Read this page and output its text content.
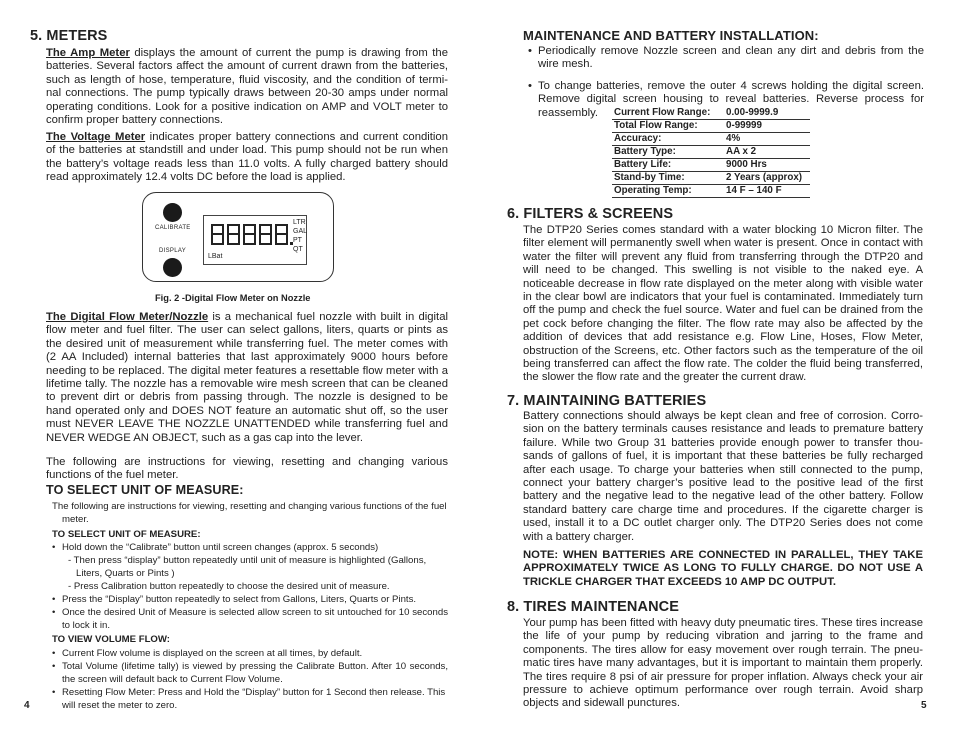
5. METERS

The Amp Meter displays the amount of current the pump is drawing from the batteries. Several factors affect the amount of current drawn from the batteries, such as length of hose, temperature, fluid viscosity, and the condition of termi-nal connections. The pump typically draws between 20-30 amps under normal operating conditions. Look for a positive indication on AMP and VOLT meter to confirm proper battery connections.

The Voltage Meter indicates proper battery connections and current condition of the batteries at standstill and under load. This pump should not be run when the battery’s voltage reads less than 11.0 volts. A fully charged battery should read approximately 12.4 volts DC before the load is applied.

CALIBRATE
DISPLAY
LBat
LTR
GAL
PT
QT
Fig. 2 -Digital Flow Meter on Nozzle

The Digital Flow Meter/Nozzle is a mechanical fuel nozzle with built in digital flow meter and fuel filter. The user can select gallons, liters, quarts or pints as the desired unit of measurement while transferring fuel. The meter comes with (2 AA Included) internal batteries that last approximately 9000 hours before needing to be replaced. The digital meter features a resettable flow meter with a lifetime tally. The nozzle has a removable wire mesh screen that can be cleaned to prevent dirt or debris from passing through. The nozzle is designed to be hand operated only and DOES NOT feature an automatic shut off, so the user must NEVER LEAVE THE NOZZLE UNATTENDED while transferring fuel and NEVER WEDGE AN OBJECT, such as a gas cap into the lever.

The following are instructions for viewing, resetting and changing various functions of the fuel meter.

TO SELECT UNIT OF MEASURE:

The following are instructions for viewing, resetting and changing various functions of the fuel meter.

TO SELECT UNIT OF MEASURE:

• Hold down the “Calibrate” button until screen changes (approx. 5 seconds)
- Then press “display” button repeatedly until unit of measure is highlighted (Gallons, Liters, Quarts or Pints )
- Press Calibration button repeatedly to choose the desired unit of measure.
• Press the “Display” button repeatedly to select from Gallons, Liters, Quarts or Pints.
• Once the desired Unit of Measure is selected allow screen to sit untouched for 10 seconds to lock it in.

TO VIEW VOLUME FLOW:

• Current Flow volume is displayed on the screen at all times, by default.
• Total Volume (lifetime tally) is viewed by pressing the Calibrate Button. After 10 seconds, the screen will default back to Current Flow Volume.
• Resetting Flow Meter: Press and Hold the “Display” button for 1 Second then release. This will reset the meter to zero.
4
MAINTENANCE AND BATTERY INSTALLATION:
• Periodically remove Nozzle screen and clean any dirt and debris from the wire mesh.
• To change batteries, remove the outer 4 screws holding the digital screen. Remove digital screen housing to reveal batteries. Reverse process for reassembly.	Current Flow Range:	0.00-9999.9
Total Flow Range:	0-99999
Accuracy:	4%
Battery Type:	AA x 2
Battery Life:	9000 Hrs
Stand-by Time:	2 Years (approx)
Operating Temp:	14 F – 140 F
6. FILTERS & SCREENS

The DTP20 Series comes standard with a water blocking 10 Micron filter. The filter element will permanently swell when water is present. Once in contact with water the filter will prevent any fluid from transferring through the DTP20 and will need to be changed. This swelling is not visible to the naked eye. A noticeable decrease in flow rate displayed on the meter along with visible water in the clear bowl are indicators that your fuel is contaminated. Immediately turn off the pump and check the fuel source. Water and fuel can be drained from the pet cock before changing the filter. The flow rate may also be affected by the addition of devices that add resistance e.g. Flow Line, Hoses, Flow Meter, obstruction of the Screens, etc. Other factors such as the temperature of the oil being transferred can affect the flow rate. The colder the fluid being transferred, the slower the flow rate and the greater the current draw.

7. MAINTAINING BATTERIES

Battery connections should always be kept clean and free of corrosion. Corro-sion on the battery terminals causes resistance and leads to premature battery failure. While two Group 31 batteries provide enough power to transfer thou-sands of gallons of fuel, it is important that these batteries be fully recharged after each usage. To charge your batteries when still connected to the pump, connect your battery charger’s positive lead to the positive lead of the first battery and the negative lead to the negative lead of the other battery. Follow standard battery care charge time and procedures. If the cigarette charger is used, install it to a DC outlet charger only. The DTP20 Series does not come with a battery charger.

NOTE: WHEN BATTERIES ARE CONNECTED IN PARALLEL, THEY TAKE APPROXIMATELY TWICE AS LONG TO FULLY CHARGE. DO NOT USE A TRICKLE CHARGER THAT EXCEEDS 10 AMP DC OUTPUT.

8. TIRES MAINTENANCE

Your pump has been fitted with heavy duty pneumatic tires. These tires increase the life of your pump by reducing vibration and jarring to the frame and components. The tires allow for easy movement over rough terrain. The pneu-matic tires have many advantages, but it is important to maintain them properly. The tires require 8 psi of air pressure for proper inflation. Always check your air pressure to achieve optimum performance over rough terrain. Avoid sharp objects and sidewall punctures.	5
